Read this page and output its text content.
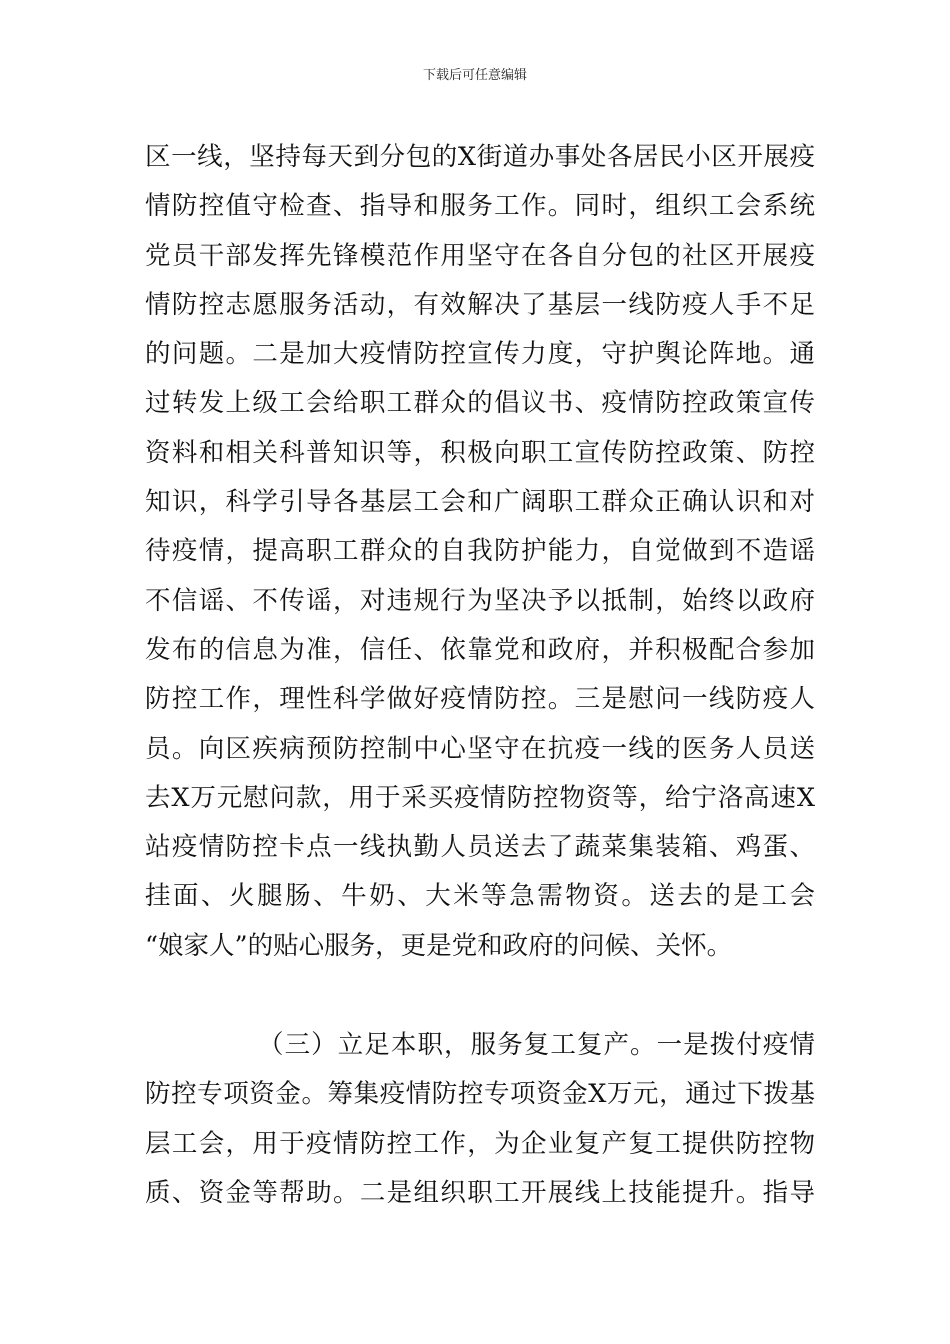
下载后可任意编辑
区一线，坚持每天到分包的X街道办事处各居民小区开展疫
情防控值守检查、指导和服务工作。同时，组织工会系统
党员干部发挥先锋模范作用坚守在各自分包的社区开展疫
情防控志愿服务活动，有效解决了基层一线防疫人手不足
的问题。二是加大疫情防控宣传力度，守护舆论阵地。通
过转发上级工会给职工群众的倡议书、疫情防控政策宣传
资料和相关科普知识等，积极向职工宣传防控政策、防控
知识，科学引导各基层工会和广阔职工群众正确认识和对
待疫情，提高职工群众的自我防护能力，自觉做到不造谣
不信谣、不传谣，对违规行为坚决予以抵制，始终以政府
发布的信息为准，信任、依靠党和政府，并积极配合参加
防控工作，理性科学做好疫情防控。三是慰问一线防疫人
员。向区疾病预防控制中心坚守在抗疫一线的医务人员送
去X万元慰问款，用于采买疫情防控物资等，给宁洛高速X
站疫情防控卡点一线执勤人员送去了蔬菜集装箱、鸡蛋、
挂面、火腿肠、牛奶、大米等急需物资。送去的是工会
“娘家人”的贴心服务，更是党和政府的问候、关怀。
（三）立足本职，服务复工复产。一是拨付疫情
防控专项资金。筹集疫情防控专项资金X万元，通过下拨基
层工会，用于疫情防控工作，为企业复产复工提供防控物
质、资金等帮助。二是组织职工开展线上技能提升。指导
